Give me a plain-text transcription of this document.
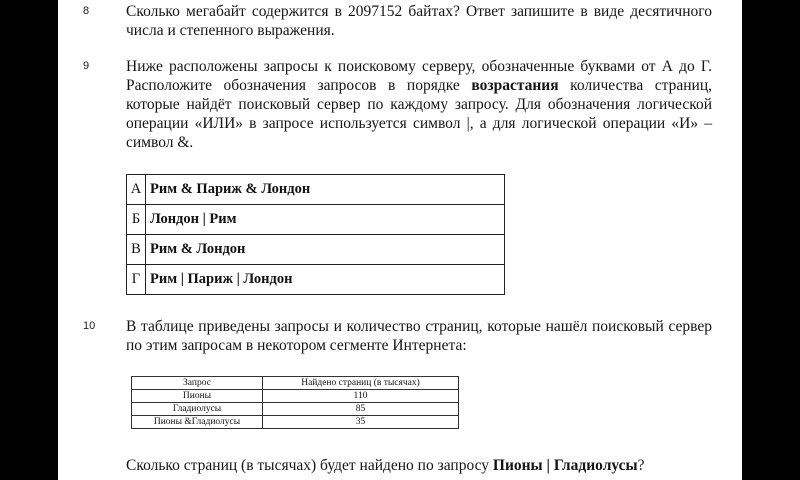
8 Сколько мегабайт содержится в 2097152 байтах? Ответ запишите в виде десятичного числа и степенного выражения.
9 Ниже расположены запросы к поисковому серверу, обозначенные буквами от А до Г. Расположите обозначения запросов в порядке возрастания количества страниц, которые найдёт поисковый сервер по каждому запросу. Для обозначения логической операции «ИЛИ» в запросе используется символ |, а для логической операции «И» – символ &.
А	Рим & Париж & Лондон
Б	Лондон | Рим
В	Рим & Лондон
Г	Рим | Париж | Лондон
10 В таблице приведены запросы и количество страниц, которые нашёл поисковый сервер по этим запросам в некотором сегменте Интернета:
Запрос	Найдено страниц (в тысячах)
Пионы	110
Гладиолусы	85
Пионы &Гладиолусы	35
Сколько страниц (в тысячах) будет найдено по запросу Пионы | Гладиолусы?
